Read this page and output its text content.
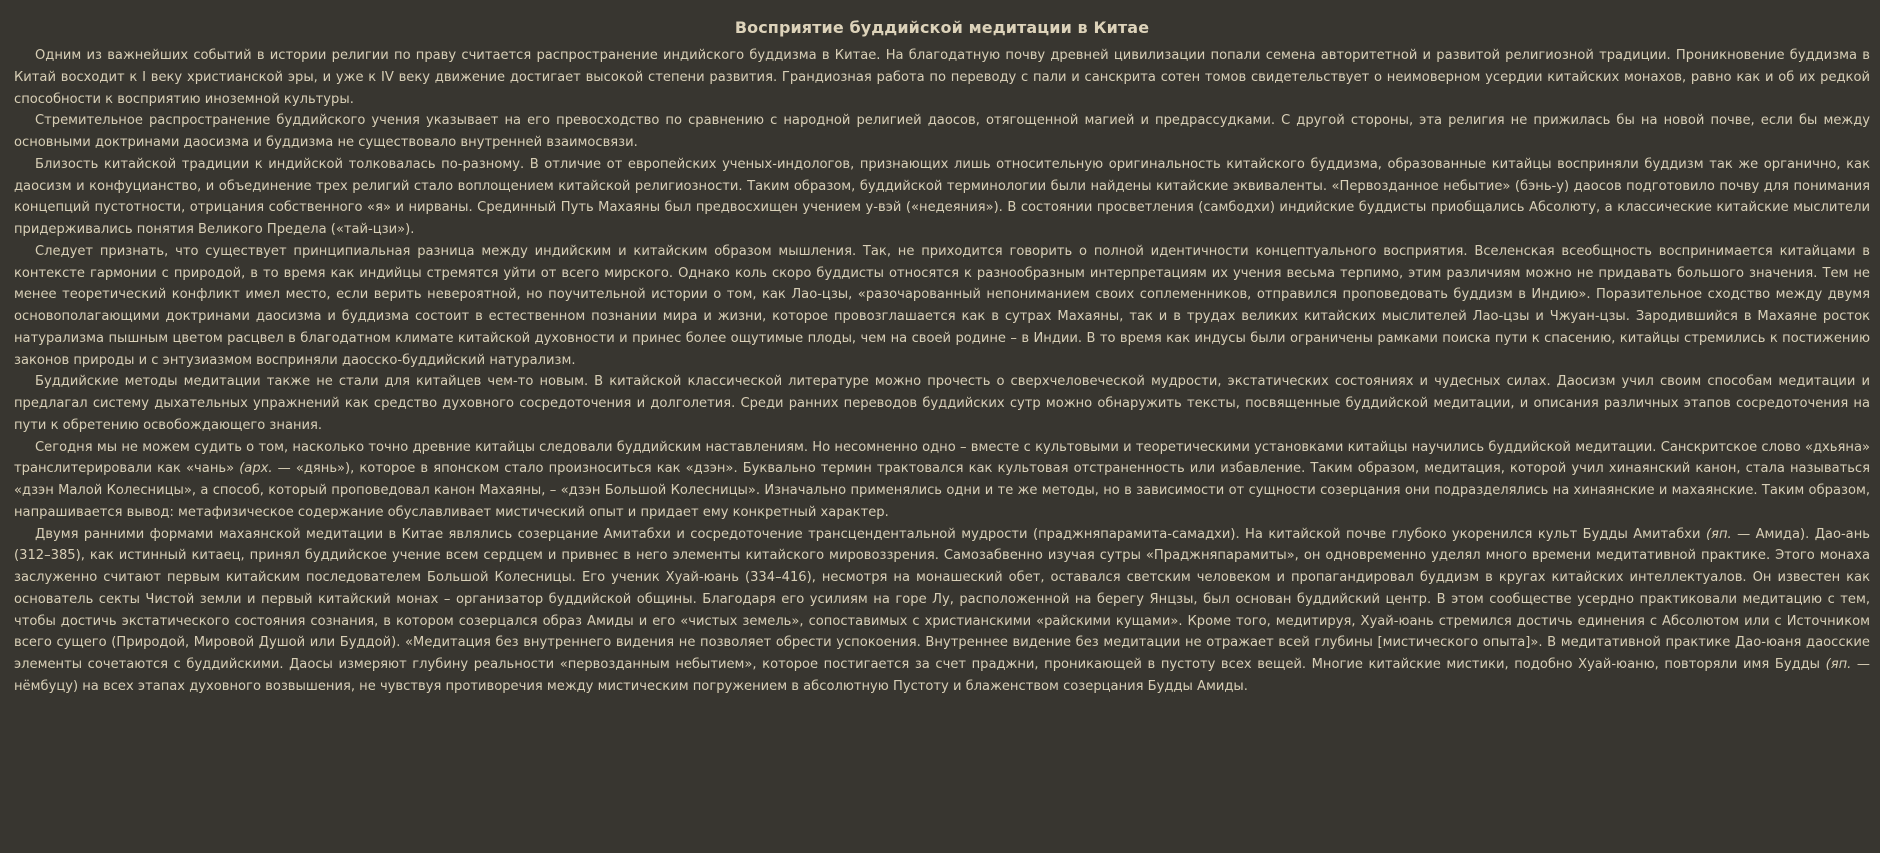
Восприятие буддийской медитации в Китае

Одним из важнейших событий в истории религии по праву считается распространение индийского буддизма в Китае. На благодатную почву древней цивилизации попали семена авторитетной и развитой религиозной традиции. Проникновение буддизма в Китай восходит к I веку христианской эры, и уже к IV веку движение достигает высокой степени развития. Грандиозная работа по переводу с пали и санскрита сотен томов свидетельствует о неимоверном усердии китайских монахов, равно как и об их редкой способности к восприятию иноземной культуры.

Стремительное распространение буддийского учения указывает на его превосходство по сравнению с народной религией даосов, отягощенной магией и предрассудками. С другой стороны, эта религия не прижилась бы на новой почве, если бы между основными доктринами даосизма и буддизма не существовало внутренней взаимосвязи.

Близость китайской традиции к индийской толковалась по-разному. В отличие от европейских ученых-индологов, признающих лишь относительную оригинальность китайского буддизма, образованные китайцы восприняли буддизм так же органично, как даосизм и конфуцианство, и объединение трех религий стало воплощением китайской религиозности. Таким образом, буддийской терминологии были найдены китайские эквиваленты. «Первозданное небытие» (бэнь-у) даосов подготовило почву для понимания концепций пустотности, отрицания собственного «я» и нирваны. Срединный Путь Махаяны был предвосхищен учением у-вэй («недеяния»). В состоянии просветления (самбодхи) индийские буддисты приобщались Абсолюту, а классические китайские мыслители придерживались понятия Великого Предела («тай-цзи»).

Следует признать, что существует принципиальная разница между индийским и китайским образом мышления. Так, не приходится говорить о полной идентичности концептуального восприятия. Вселенская всеобщность воспринимается китайцами в контексте гармонии с природой, в то время как индийцы стремятся уйти от всего мирского. Однако коль скоро буддисты относятся к разнообразным интерпретациям их учения весьма терпимо, этим различиям можно не придавать большого значения. Тем не менее теоретический конфликт имел место, если верить невероятной, но поучительной истории о том, как Лао-цзы, «разочарованный непониманием своих соплеменников, отправился проповедовать буддизм в Индию». Поразительное сходство между двумя основополагающими доктринами даосизма и буддизма состоит в естественном познании мира и жизни, которое провозглашается как в сутрах Махаяны, так и в трудах великих китайских мыслителей Лао-цзы и Чжуан-цзы. Зародившийся в Махаяне росток натурализма пышным цветом расцвел в благодатном климате китайской духовности и принес более ощутимые плоды, чем на своей родине – в Индии. В то время как индусы были ограничены рамками поиска пути к спасению, китайцы стремились к постижению законов природы и с энтузиазмом восприняли даосско-буддийский натурализм.

Буддийские методы медитации также не стали для китайцев чем-то новым. В китайской классической литературе можно прочесть о сверхчеловеческой мудрости, экстатических состояниях и чудесных силах. Даосизм учил своим способам медитации и предлагал систему дыхательных упражнений как средство духовного сосредоточения и долголетия. Среди ранних переводов буддийских сутр можно обнаружить тексты, посвященные буддийской медитации, и описания различных этапов сосредоточения на пути к обретению освобождающего знания.

Сегодня мы не можем судить о том, насколько точно древние китайцы следовали буддийским наставлениям. Но несомненно одно – вместе с культовыми и теоретическими установками китайцы научились буддийской медитации. Санскритское слово «дхьяна» транслитерировали как «чань» (арх. — «дянь»), которое в японском стало произноситься как «дзэн». Буквально термин трактовался как культовая отстраненность или избавление. Таким образом, медитация, которой учил хинаянский канон, стала называться «дзэн Малой Колесницы», а способ, который проповедовал канон Махаяны, – «дзэн Большой Колесницы». Изначально применялись одни и те же методы, но в зависимости от сущности созерцания они подразделялись на хинаянские и махаянские. Таким образом, напрашивается вывод: метафизическое содержание обуславливает мистический опыт и придает ему конкретный характер.

Двумя ранними формами махаянской медитации в Китае являлись созерцание Амитабхи и сосредоточение трансцендентальной мудрости (праджняпарамита-самадхи). На китайской почве глубоко укоренился культ Будды Амитабхи (яп. — Амида). Дао-ань (312–385), как истинный китаец, принял буддийское учение всем сердцем и привнес в него элементы китайского мировоззрения. Самозабвенно изучая сутры «Праджняпарамиты», он одновременно уделял много времени медитативной практике. Этого монаха заслуженно считают первым китайским последователем Большой Колесницы. Его ученик Хуай-юань (334–416), несмотря на монашеский обет, оставался светским человеком и пропагандировал буддизм в кругах китайских интеллектуалов. Он известен как основатель секты Чистой земли и первый китайский монах – организатор буддийской общины. Благодаря его усилиям на горе Лу, расположенной на берегу Янцзы, был основан буддийский центр. В этом сообществе усердно практиковали медитацию с тем, чтобы достичь экстатического состояния сознания, в котором созерцался образ Амиды и его «чистых земель», сопоставимых с христианскими «райскими кущами». Кроме того, медитируя, Хуай-юань стремился достичь единения с Абсолютом или с Источником всего сущего (Природой, Мировой Душой или Буддой). «Медитация без внутреннего видения не позволяет обрести успокоения. Внутреннее видение без медитации не отражает всей глубины [мистического опыта]». В медитативной практике Дао-юаня даосские элементы сочетаются с буддийскими. Даосы измеряют глубину реальности «первозданным небытием», которое постигается за счет праджни, проникающей в пустоту всех вещей. Многие китайские мистики, подобно Хуай-юаню, повторяли имя Будды (яп. — нёмбуцу) на всех этапах духовного возвышения, не чувствуя противоречия между мистическим погружением в абсолютную Пустоту и блаженством созерцания Будды Амиды.
